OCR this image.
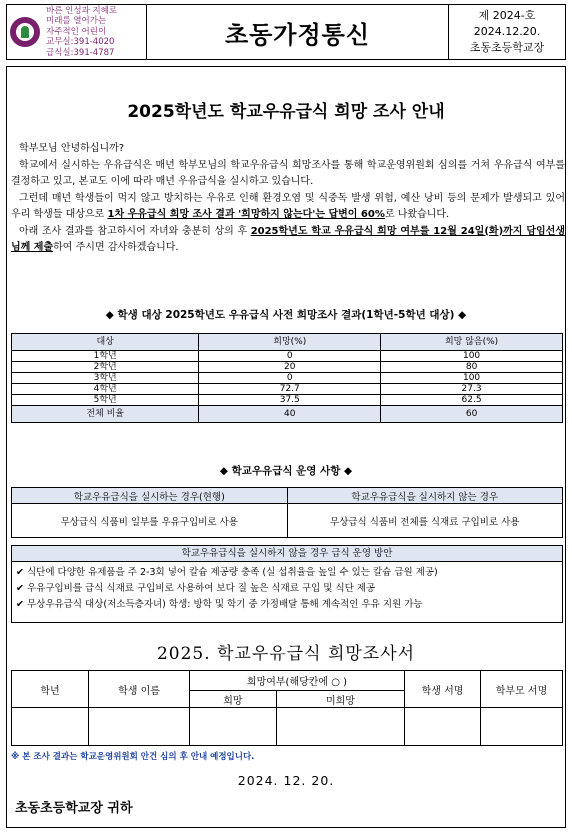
바른 인성과 지혜로
미래를 열어가는
자주적인 어린이
교무실:391-4020
급식실:391-4787
초동가정통신
제 2024-호
2024.12.20.
초동초등학교장
2025학년도 학교우유급식 희망 조사 안내

학부모님 안녕하십니까?

학교에서 실시하는 우유급식은 매년 학부모님의 학교우유급식 희망조사를 통해 학교운영위원회 심의를 거쳐 우유급식 여부를 결정하고 있고, 본교도 이에 따라 매년 우유급식을 실시하고 있습니다.

그런데 매년 학생들이 먹지 않고 방치하는 우유로 인해 환경오염 및 식중독 발생 위험, 예산 낭비 등의 문제가 발생되고 있어 우리 학생들 대상으로 1차 우유급식 희망 조사 결과 '희망하지 않는다'는 답변이 60%로 나왔습니다.

아래 조사 결과를 참고하시어 자녀와 충분히 상의 후 2025학년도 학교 우유급식 희망 여부를 12월 24일(화)까지 담임선생님께 제출하여 주시면 감사하겠습니다.

◆ 학생 대상 2025학년도 우유급식 사전 희망조사 결과(1학년-5학년 대상) ◆
대상	희망(%)	희망 않음(%)
1학년	0	100
2학년	20	80
3학년	0	100
4학년	72.7	27.3
5학년	37.5	62.5
전체 비율	40	60
◆ 학교우유급식 운영 사항 ◆
학교우유급식을 실시하는 경우(현행)	학교우유급식을 실시하지 않는 경우
무상급식 식품비 일부를 우유구입비로 사용	무상급식 식품비 전체를 식재료 구입비로 사용
학교우유급식을 실시하지 않을 경우 급식 운영 방안
✔ 식단에 다양한 유제품을 주 2-3회 넣어 칼슘 제공량 충족 (실 섭취율을 높일 수 있는 칼슘 급원 제공)
✔ 우유구입비를 급식 식재료 구입비로 사용하여 보다 질 높은 식재료 구입 및 식단 제공
✔ 무상우유급식 대상(저소득층자녀) 학생: 방학 및 학기 중 가정배달 통해 계속적인 우유 지원 가능
2025. 학교우유급식 희망조사서
학년	학생 이름	희망여부(해당칸에 ○ )		학생 서명	학부모 서명
		희망	미희망		

※ 본 조사 결과는 학교운영위원회 안건 심의 후 안내 예정입니다.
2024. 12. 20.
초동초등학교장 귀하
